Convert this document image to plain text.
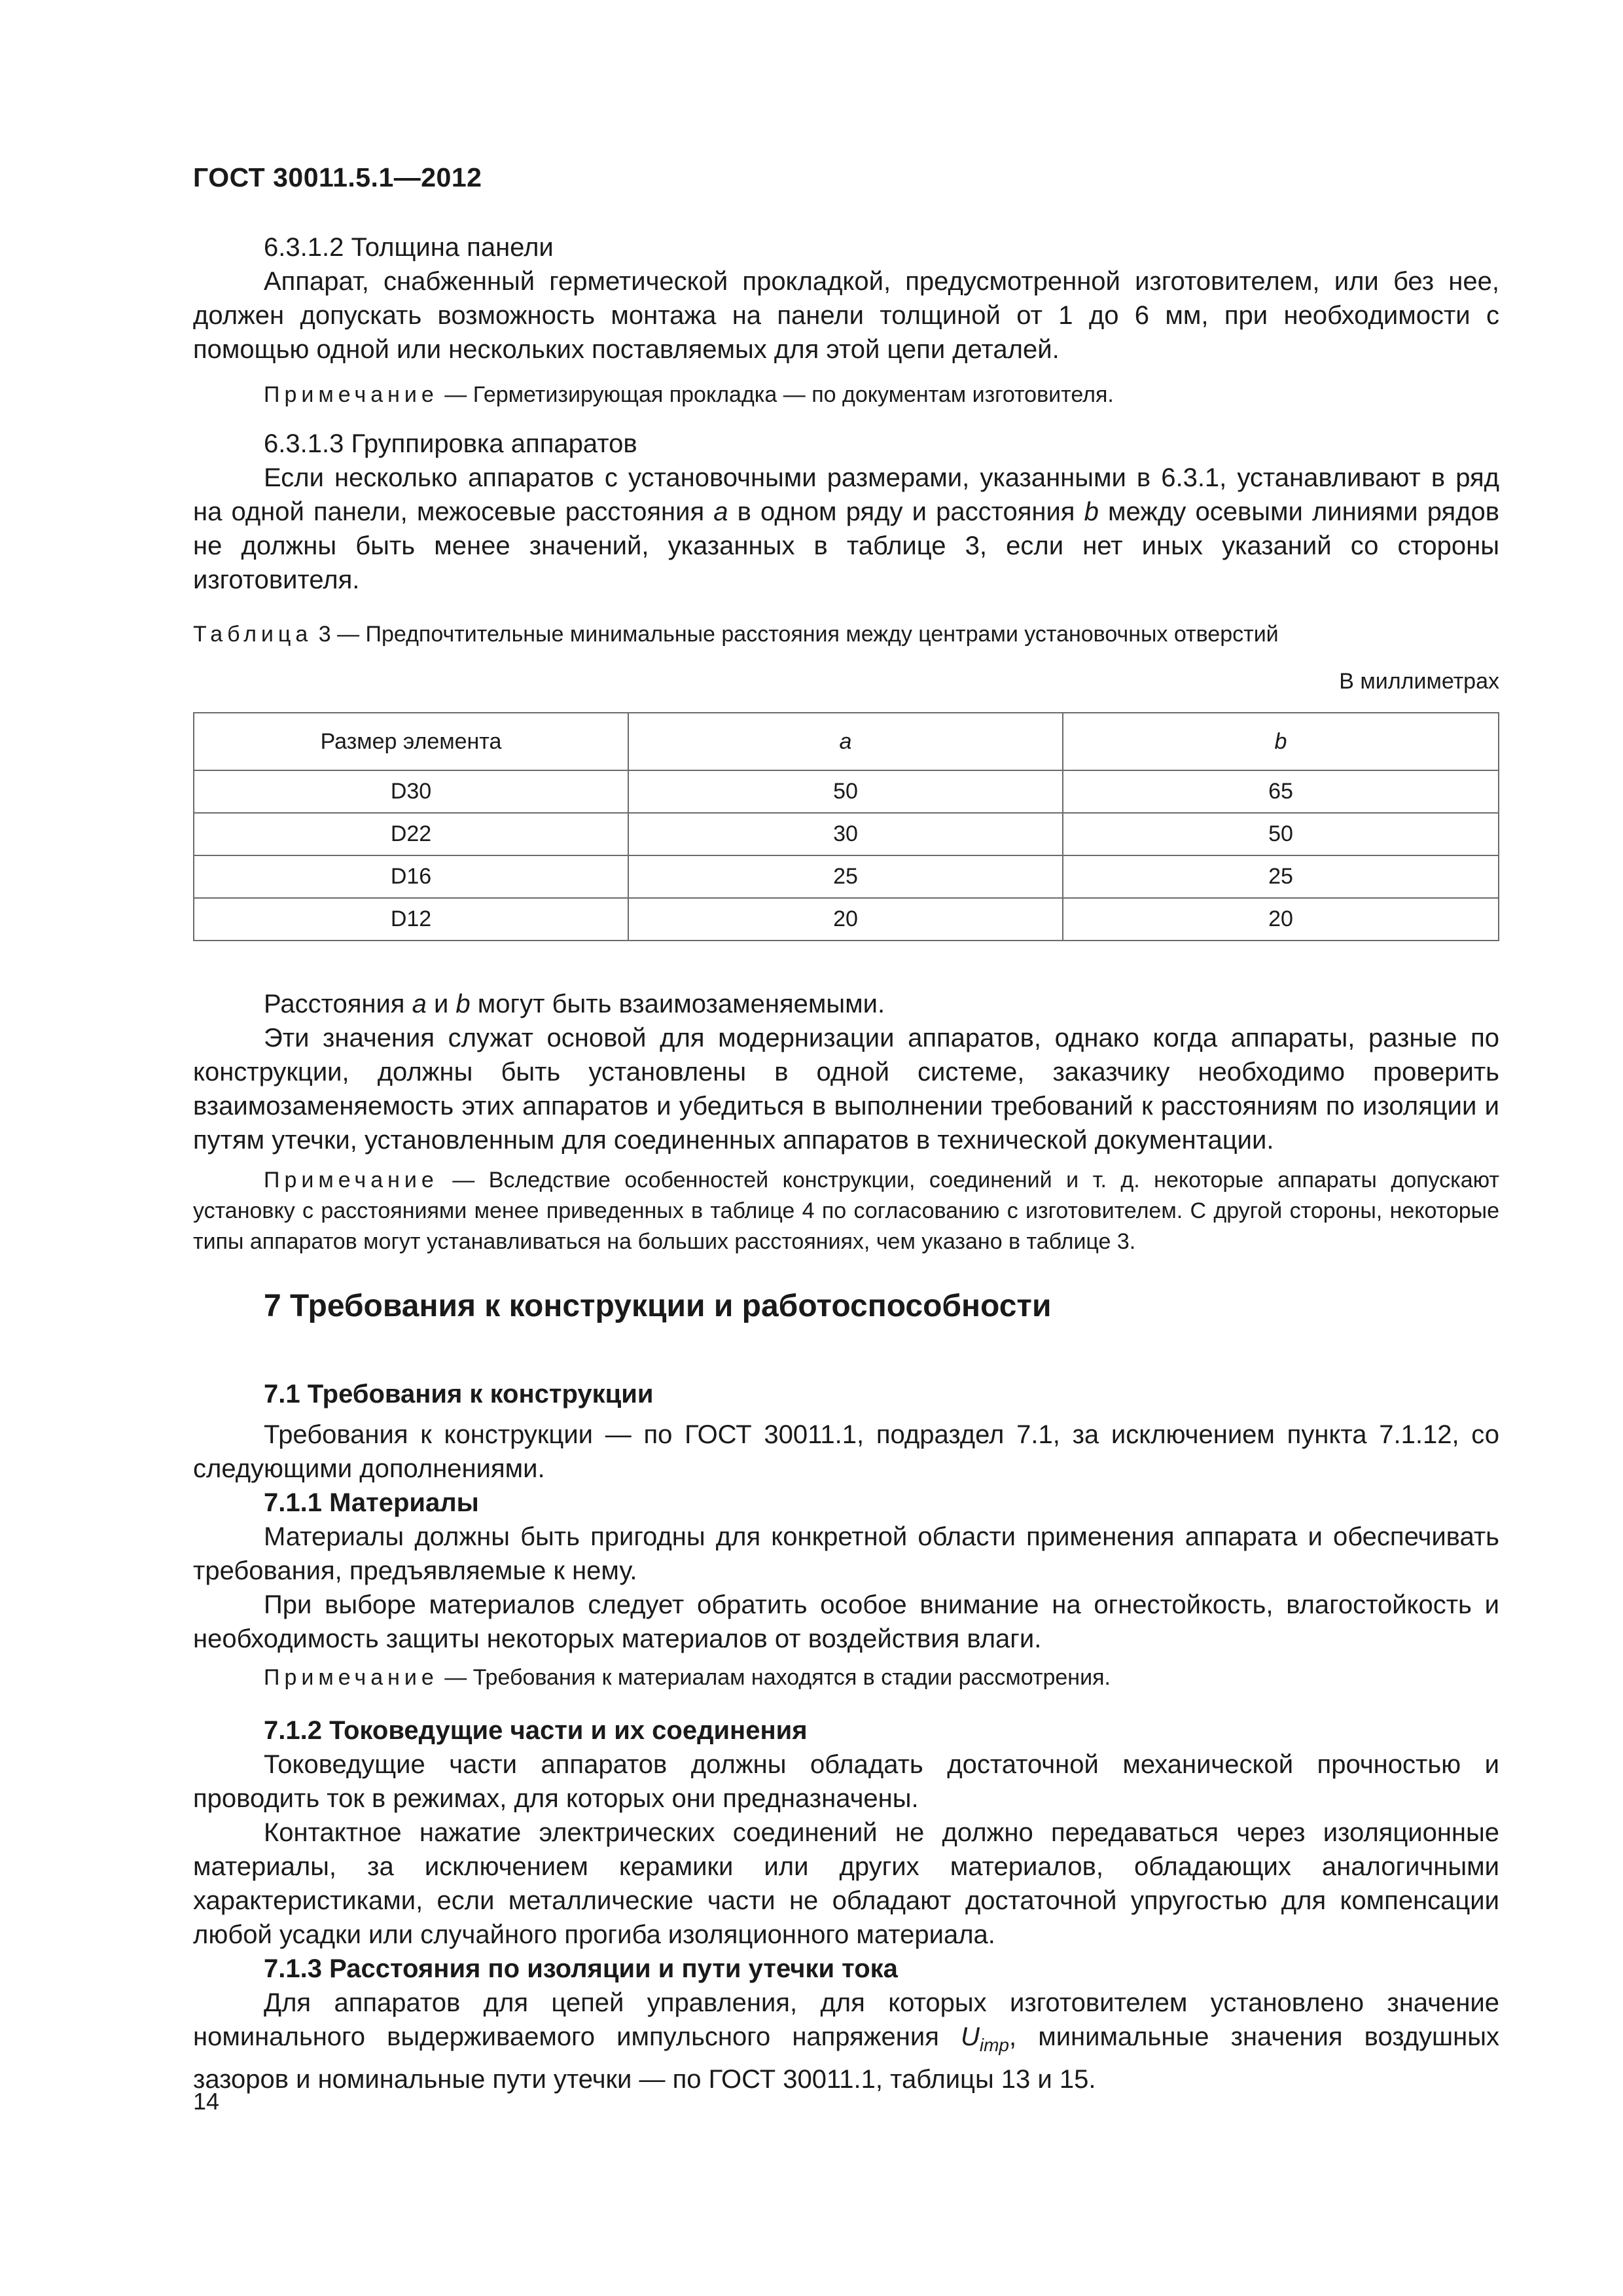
ГОСТ 30011.5.1—2012

6.3.1.2 Толщина панели

Аппарат, снабженный герметической прокладкой, предусмотренной изготовителем, или без нее, должен допускать возможность монтажа на панели толщиной от 1 до 6 мм, при необходимости с помощью одной или нескольких поставляемых для этой цепи деталей.

Примечание — Герметизирующая прокладка — по документам изготовителя.

6.3.1.3 Группировка аппаратов

Если несколько аппаратов с установочными размерами, указанными в 6.3.1, устанавливают в ряд на одной панели, межосевые расстояния а в одном ряду и расстояния b между осевыми линиями рядов не должны быть менее значений, указанных в таблице 3, если нет иных указаний со стороны изготовителя.

Таблица 3 — Предпочтительные минимальные расстояния между центрами установочных отверстий
В миллиметрах
Размер элемента	a	b
D30	50	65
D22	30	50
D16	25	25
D12	20	20

Расстояния а и b могут быть взаимозаменяемыми.

Эти значения служат основой для модернизации аппаратов, однако когда аппараты, разные по конструкции, должны быть установлены в одной системе, заказчику необходимо проверить взаимозаменяемость этих аппаратов и убедиться в выполнении требований к расстояниям по изоляции и путям утечки, установленным для соединенных аппаратов в технической документации.

Примечание — Вследствие особенностей конструкции, соединений и т. д. некоторые аппараты допускают установку с расстояниями менее приведенных в таблице 4 по согласованию с изготовителем. С другой стороны, некоторые типы аппаратов могут устанавливаться на больших расстояниях, чем указано в таблице 3.

7 Требования к конструкции и работоспособности
7.1 Требования к конструкции

Требования к конструкции — по ГОСТ 30011.1, подраздел 7.1, за исключением пункта 7.1.12, со следующими дополнениями.

7.1.1 Материалы

Материалы должны быть пригодны для конкретной области применения аппарата и обеспечивать требования, предъявляемые к нему.

При выборе материалов следует обратить особое внимание на огнестойкость, влагостойкость и необходимость защиты некоторых материалов от воздействия влаги.

Примечание — Требования к материалам находятся в стадии рассмотрения.

7.1.2 Токоведущие части и их соединения

Токоведущие части аппаратов должны обладать достаточной механической прочностью и проводить ток в режимах, для которых они предназначены.

Контактное нажатие электрических соединений не должно передаваться через изоляционные материалы, за исключением керамики или других материалов, обладающих аналогичными характеристиками, если металлические части не обладают достаточной упругостью для компенсации любой усадки или случайного прогиба изоляционного материала.

7.1.3 Расстояния по изоляции и пути утечки тока

Для аппаратов для цепей управления, для которых изготовителем установлено значение номинального выдерживаемого импульсного напряжения $U_{imp}$, минимальные значения воздушных зазоров и номинальные пути утечки — по ГОСТ 30011.1, таблицы 13 и 15.

14
